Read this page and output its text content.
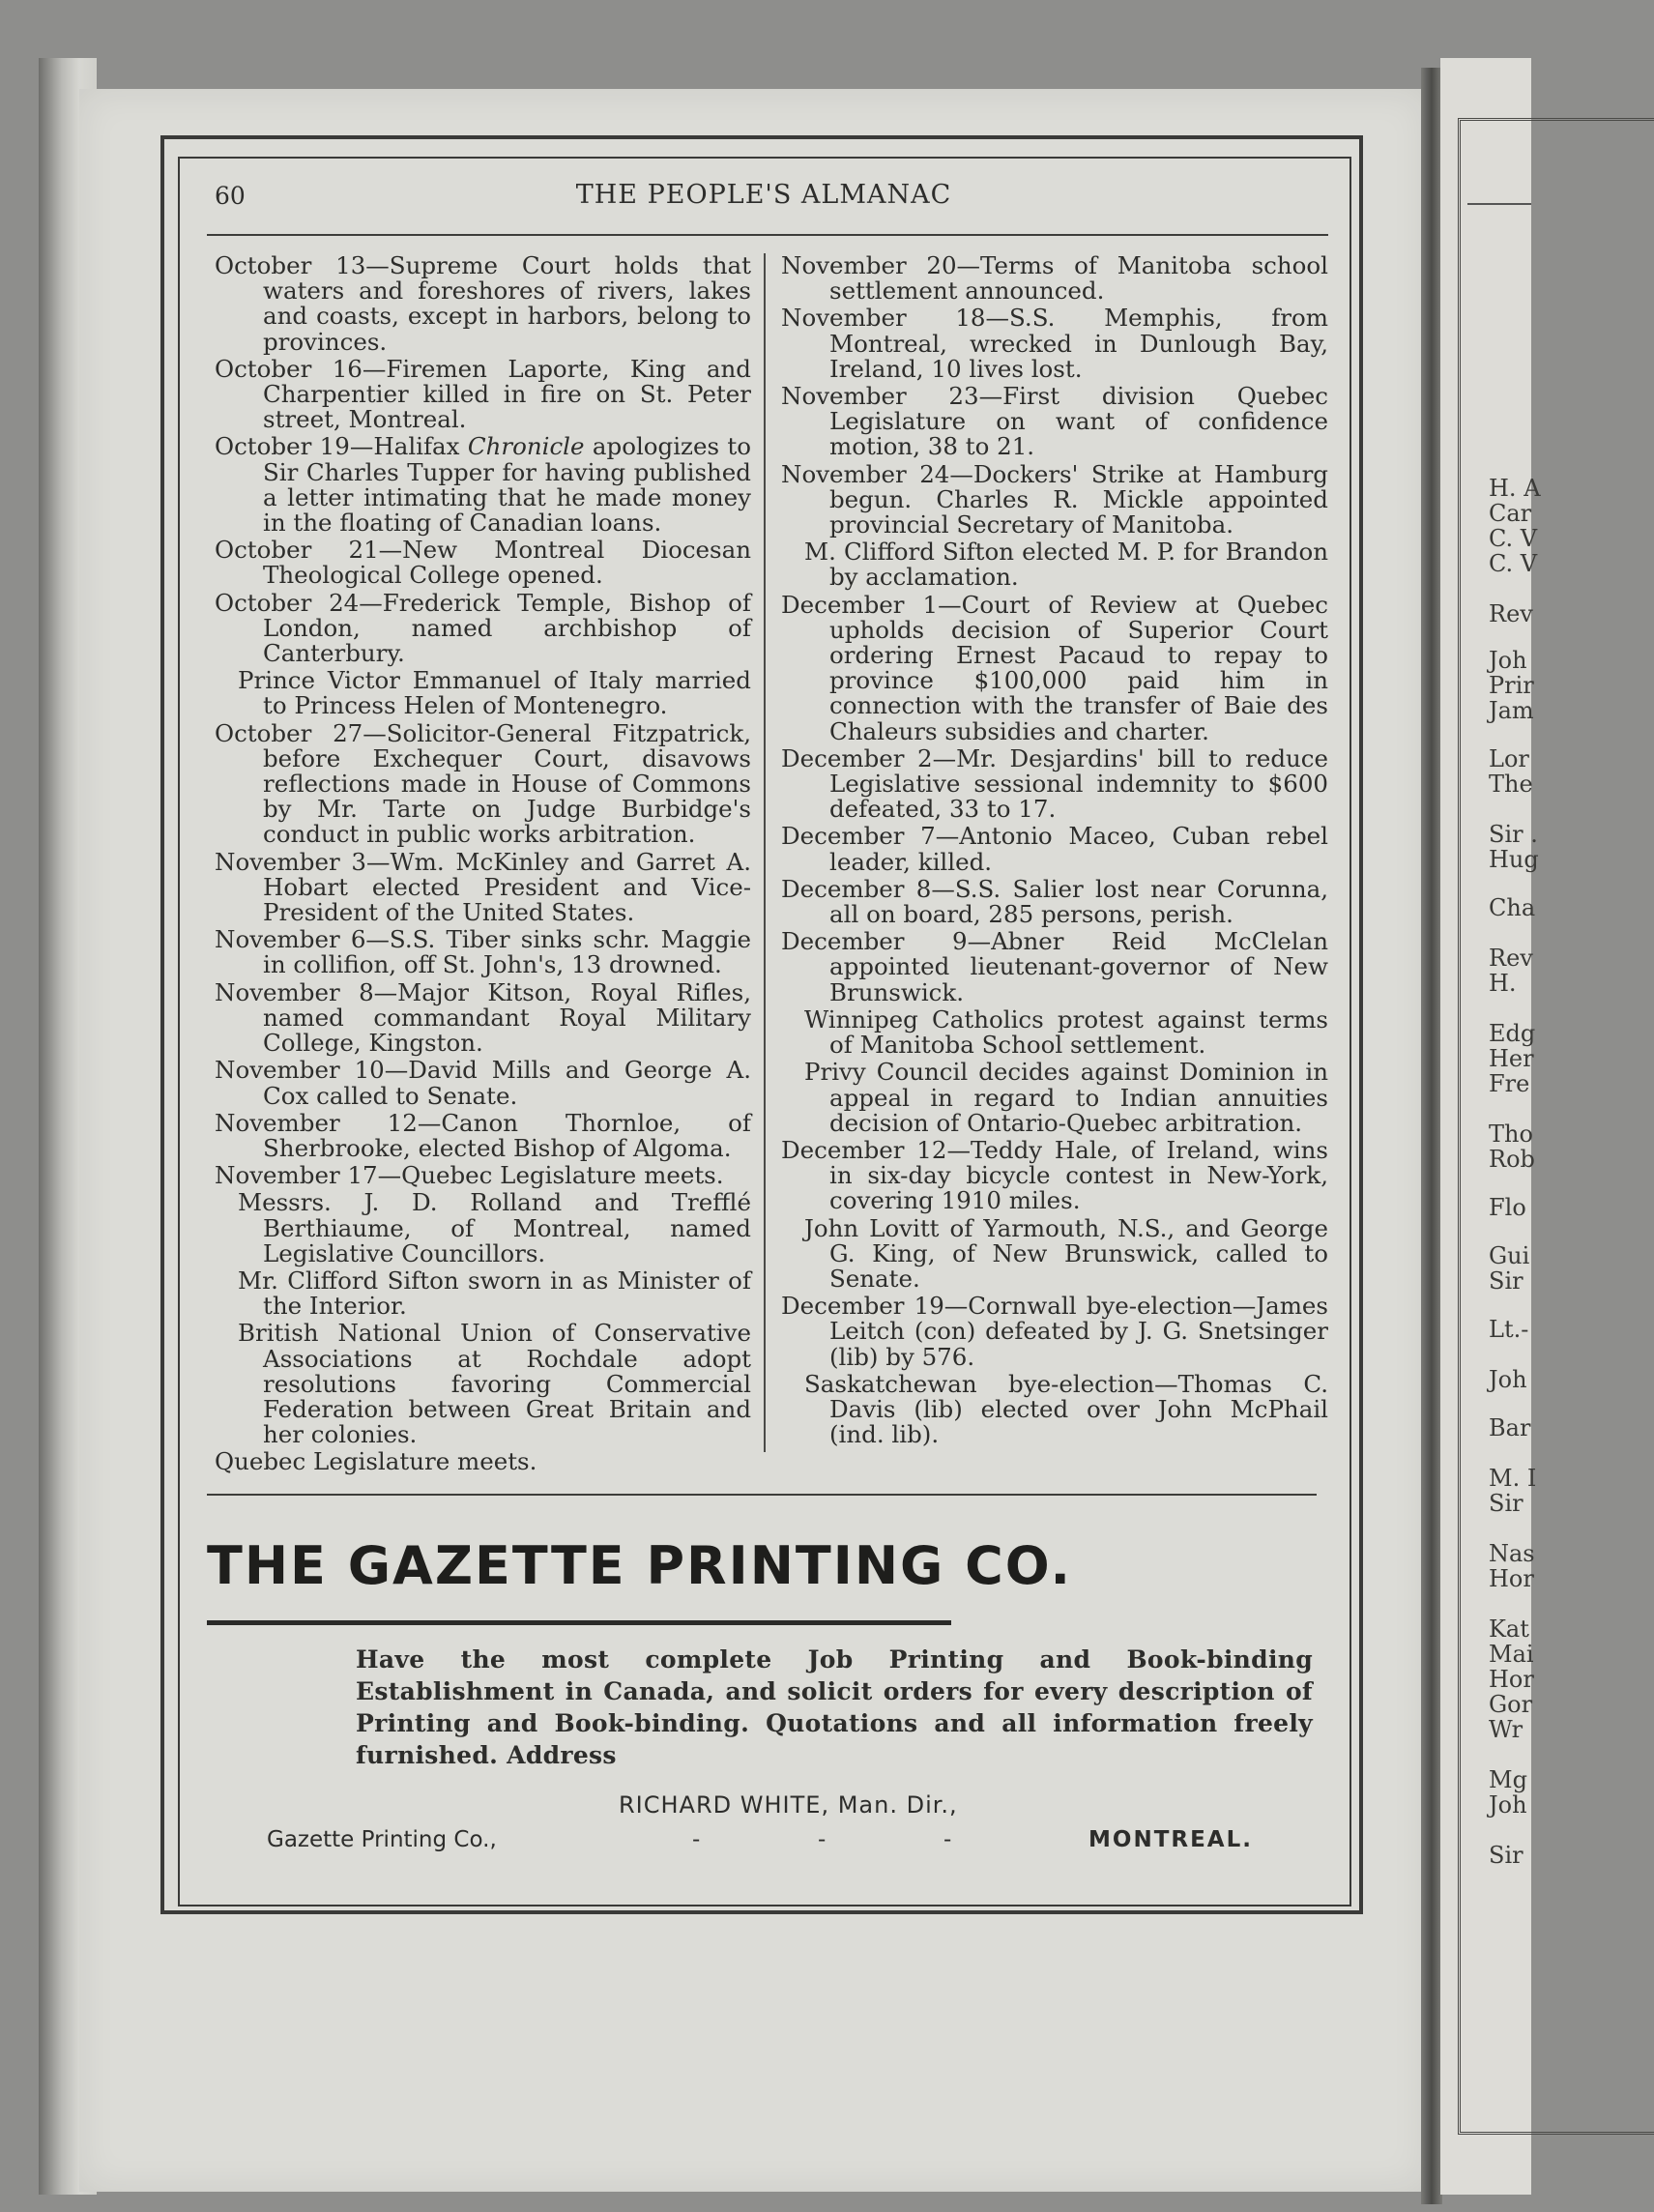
H. A
Car
C. V
C. V
Rev
Joh
Prir
Jam
Lor
The
Sir .
Hug
Cha
Rev
H.
Edg
Her
Fre
Tho
Rob
Flo
Gui
Sir
Lt.-
Joh
Bar
M. I
Sir
Nas
Hor
Kat
Mai
Hor
Gor
Wr
Mg
Joh
Sir
60	THE PEOPLE'S ALMANAC

October 13—Supreme Court holds that waters and foreshores of rivers, lakes and coasts, except in harbors, belong to provinces.

October 16—Firemen Laporte, King and Charpentier killed in fire on St. Peter street, Montreal.

October 19—Halifax Chronicle apologizes to Sir Charles Tupper for having published a letter intimating that he made money in the floating of Canadian loans.

October 21—New Montreal Diocesan Theological College opened.

October 24—Frederick Temple, Bishop of London, named archbishop of Canterbury.

Prince Victor Emmanuel of Italy married to Princess Helen of Montenegro.

October 27—Solicitor-General Fitzpatrick, before Exchequer Court, disavows reflections made in House of Commons by Mr. Tarte on Judge Burbidge's conduct in public works arbitration.

November 3—Wm. McKinley and Garret A. Hobart elected President and Vice-President of the United States.

November 6—S.S. Tiber sinks schr. Maggie in collifion, off St. John's, 13 drowned.

November 8—Major Kitson, Royal Rifles, named commandant Royal Military College, Kingston.

November 10—David Mills and George A. Cox called to Senate.

November 12—Canon Thornloe, of Sherbrooke, elected Bishop of Algoma.

November 17—Quebec Legislature meets.

Messrs. J. D. Rolland and Trefflé Berthiaume, of Montreal, named Legislative Councillors.

Mr. Clifford Sifton sworn in as Minister of the Interior.

British National Union of Conservative Associations at Rochdale adopt resolutions favoring Commercial Federation between Great Britain and her colonies.

Quebec Legislature meets.

November 20—Terms of Manitoba school settlement announced.

November 18—S.S. Memphis, from Montreal, wrecked in Dunlough Bay, Ireland, 10 lives lost.

November 23—First division Quebec Legislature on want of confidence motion, 38 to 21.

November 24—Dockers' Strike at Hamburg begun. Charles R. Mickle appointed provincial Secretary of Manitoba.

M. Clifford Sifton elected M. P. for Brandon by acclamation.

December 1—Court of Review at Quebec upholds decision of Superior Court ordering Ernest Pacaud to repay to province $100,000 paid him in connection with the transfer of Baie des Chaleurs subsidies and charter.

December 2—Mr. Desjardins' bill to reduce Legislative sessional indemnity to $600 defeated, 33 to 17.

December 7—Antonio Maceo, Cuban rebel leader, killed.

December 8—S.S. Salier lost near Corunna, all on board, 285 persons, perish.

December 9—Abner Reid McClelan appointed lieutenant-governor of New Brunswick.

Winnipeg Catholics protest against terms of Manitoba School settlement.

Privy Council decides against Dominion in appeal in regard to Indian annuities decision of Ontario-Quebec arbitration.

December 12—Teddy Hale, of Ireland, wins in six-day bicycle contest in New-York, covering 1910 miles.

John Lovitt of Yarmouth, N.S., and George G. King, of New Brunswick, called to Senate.

December 19—Cornwall bye-election—James Leitch (con) defeated by J. G. Snetsinger (lib) by 576.

Saskatchewan bye-election—Thomas C. Davis (lib) elected over John McPhail (ind. lib).

THE GAZETTE PRINTING CO.
Have the most complete Job Printing and Book-binding Establishment in Canada, and solicit orders for every description of Printing and Book-binding. Quotations and all information freely furnished. Address
RICHARD WHITE, Man. Dir.,
Gazette Printing Co.,	-	-	-	MONTREAL.
